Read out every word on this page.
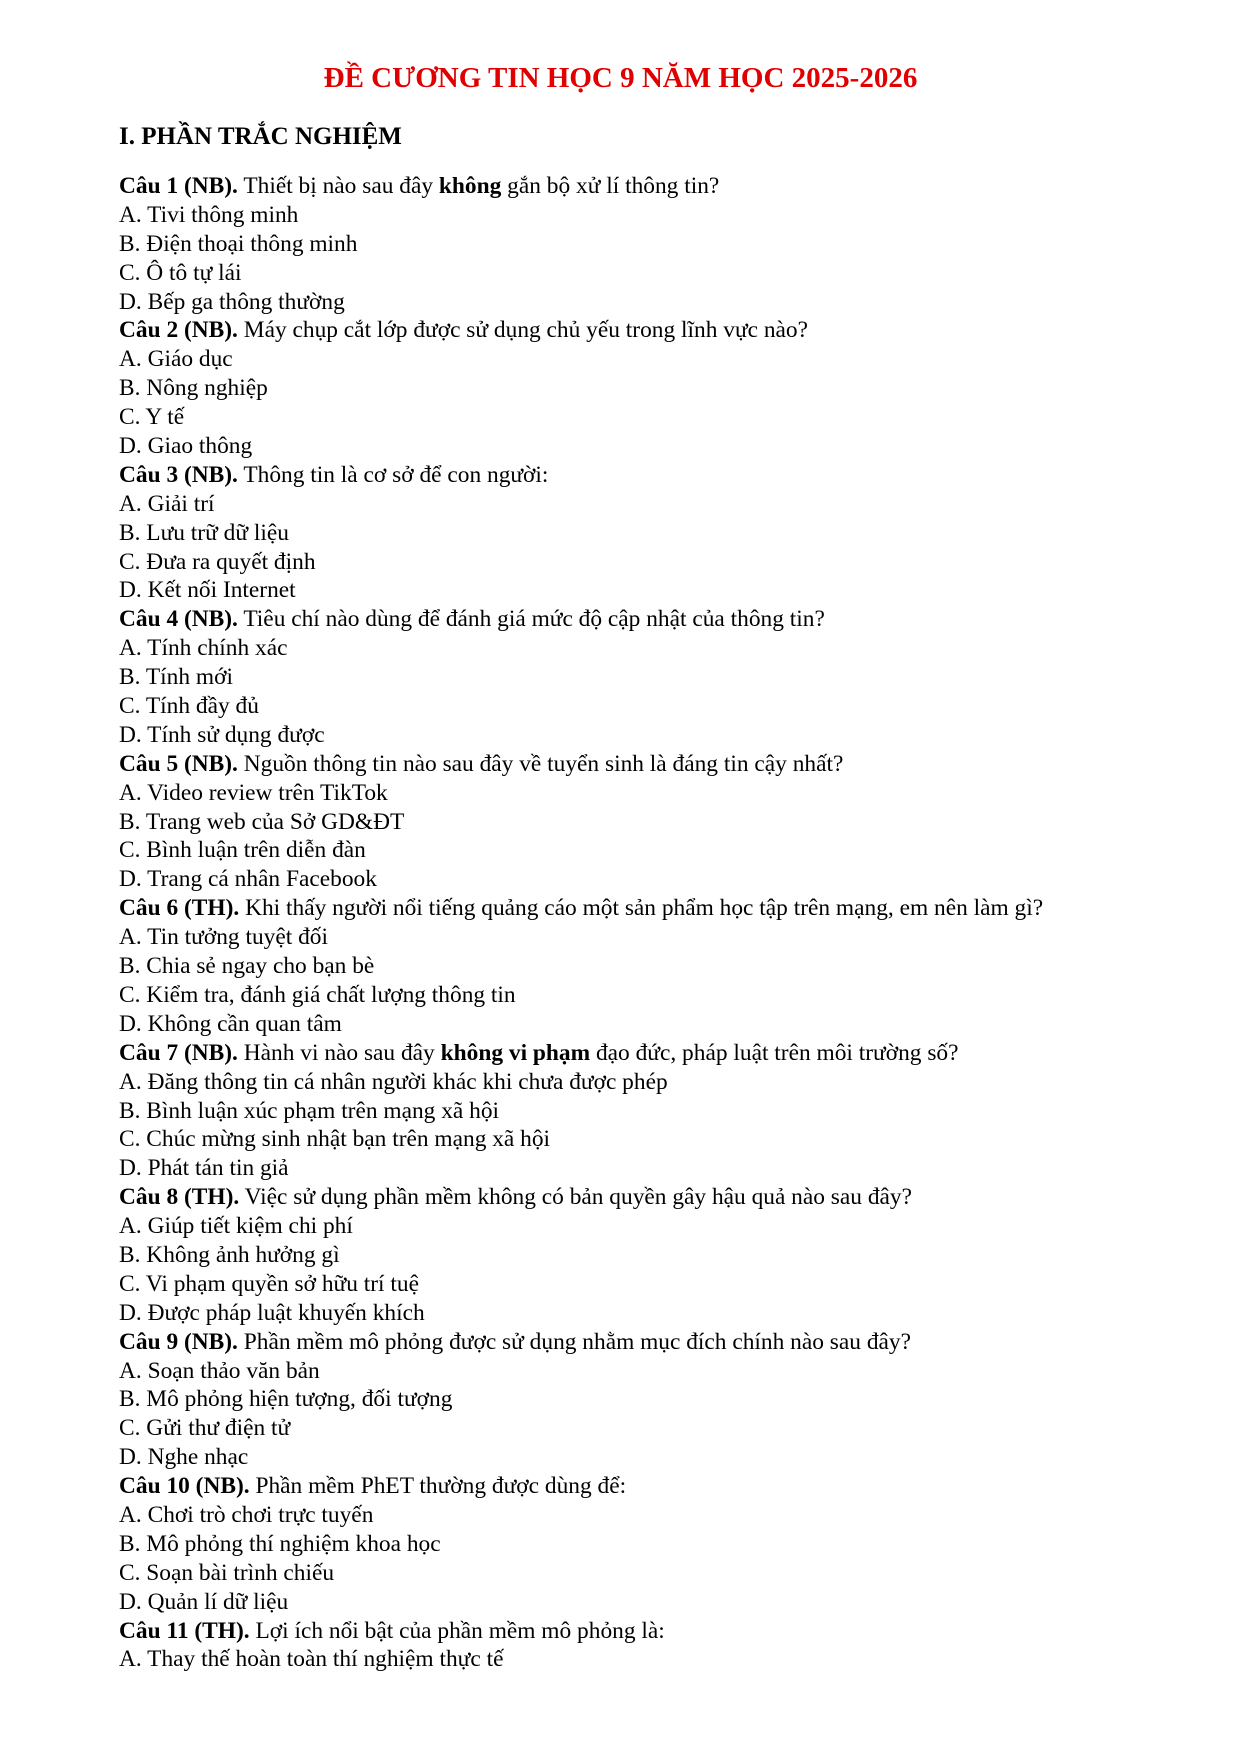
ĐỀ CƯƠNG TIN HỌC 9 NĂM HỌC 2025-2026
I. PHẦN TRẮC NGHIỆM
Câu 1 (NB). Thiết bị nào sau đây không gắn bộ xử lí thông tin?
A. Tivi thông minh
B. Điện thoại thông minh
C. Ô tô tự lái
D. Bếp ga thông thường
Câu 2 (NB). Máy chụp cắt lớp được sử dụng chủ yếu trong lĩnh vực nào?
A. Giáo dục
B. Nông nghiệp
C. Y tế
D. Giao thông
Câu 3 (NB). Thông tin là cơ sở để con người:
A. Giải trí
B. Lưu trữ dữ liệu
C. Đưa ra quyết định
D. Kết nối Internet
Câu 4 (NB). Tiêu chí nào dùng để đánh giá mức độ cập nhật của thông tin?
A. Tính chính xác
B. Tính mới
C. Tính đầy đủ
D. Tính sử dụng được
Câu 5 (NB). Nguồn thông tin nào sau đây về tuyển sinh là đáng tin cậy nhất?
A. Video review trên TikTok
B. Trang web của Sở GD&ĐT
C. Bình luận trên diễn đàn
D. Trang cá nhân Facebook
Câu 6 (TH). Khi thấy người nổi tiếng quảng cáo một sản phẩm học tập trên mạng, em nên làm gì?
A. Tin tưởng tuyệt đối
B. Chia sẻ ngay cho bạn bè
C. Kiểm tra, đánh giá chất lượng thông tin
D. Không cần quan tâm
Câu 7 (NB). Hành vi nào sau đây không vi phạm đạo đức, pháp luật trên môi trường số?
A. Đăng thông tin cá nhân người khác khi chưa được phép
B. Bình luận xúc phạm trên mạng xã hội
C. Chúc mừng sinh nhật bạn trên mạng xã hội
D. Phát tán tin giả
Câu 8 (TH). Việc sử dụng phần mềm không có bản quyền gây hậu quả nào sau đây?
A. Giúp tiết kiệm chi phí
B. Không ảnh hưởng gì
C. Vi phạm quyền sở hữu trí tuệ
D. Được pháp luật khuyến khích
Câu 9 (NB). Phần mềm mô phỏng được sử dụng nhằm mục đích chính nào sau đây?
A. Soạn thảo văn bản
B. Mô phỏng hiện tượng, đối tượng
C. Gửi thư điện tử
D. Nghe nhạc
Câu 10 (NB). Phần mềm PhET thường được dùng để:
A. Chơi trò chơi trực tuyến
B. Mô phỏng thí nghiệm khoa học
C. Soạn bài trình chiếu
D. Quản lí dữ liệu
Câu 11 (TH). Lợi ích nổi bật của phần mềm mô phỏng là:
A. Thay thế hoàn toàn thí nghiệm thực tế
